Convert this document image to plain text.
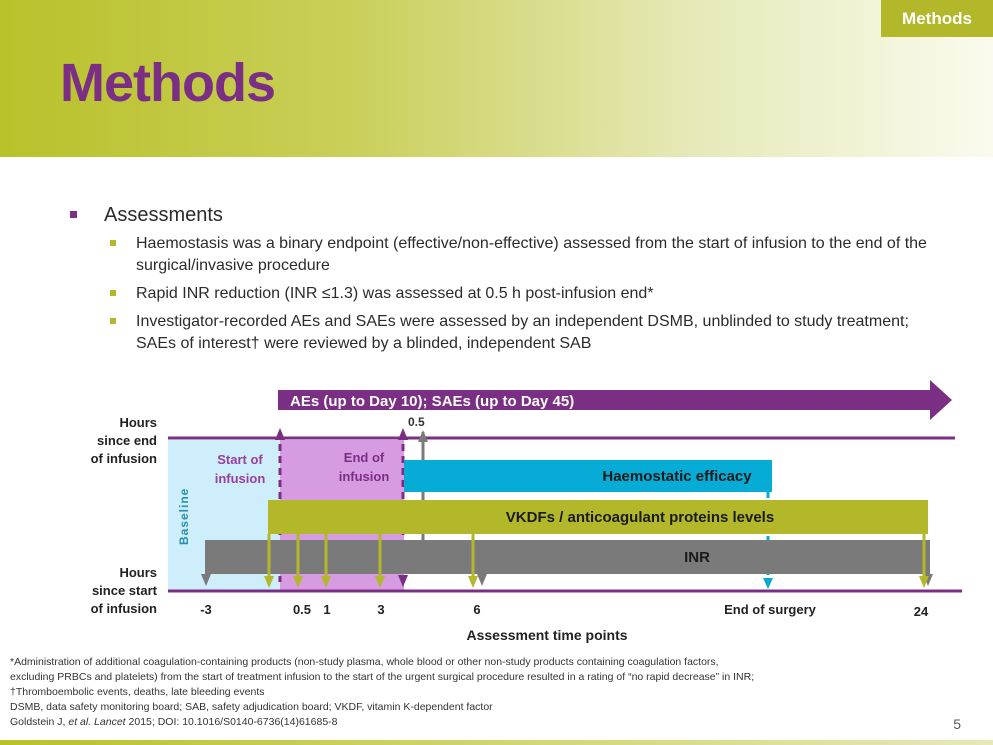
Methods
Methods
Assessments
Haemostasis was a binary endpoint (effective/non-effective) assessed from the start of infusion to the end of the surgical/invasive procedure
Rapid INR reduction (INR ≤1.3) was assessed at 0.5 h post-infusion end*
Investigator-recorded AEs and SAEs were assessed by an independent DSMB, unblinded to study treatment; SAEs of interest† were reviewed by a blinded, independent SAB
AEs (up to Day 10); SAEs (up to Day 45)
0.5
Haemostatic efficacy
INR
VKDFs / anticoagulant proteins levels
Start of
infusion
End of
infusion
Baseline
Hours
since end
of infusion
Hours
since start
of infusion	-3	0.5 1	3	6	End of surgery	24
Assessment time points
*Administration of additional coagulation-containing products (non-study plasma, whole blood or other non-study products containing coagulation factors,
excluding PRBCs and platelets) from the start of treatment infusion to the start of the urgent surgical procedure resulted in a rating of “no rapid decrease” in INR;
†Thromboembolic events, deaths, late bleeding events
DSMB, data safety monitoring board; SAB, safety adjudication board; VKDF, vitamin K-dependent factor
Goldstein J, et al. Lancet 2015; DOI: 10.1016/S0140-6736(14)61685-8	5
